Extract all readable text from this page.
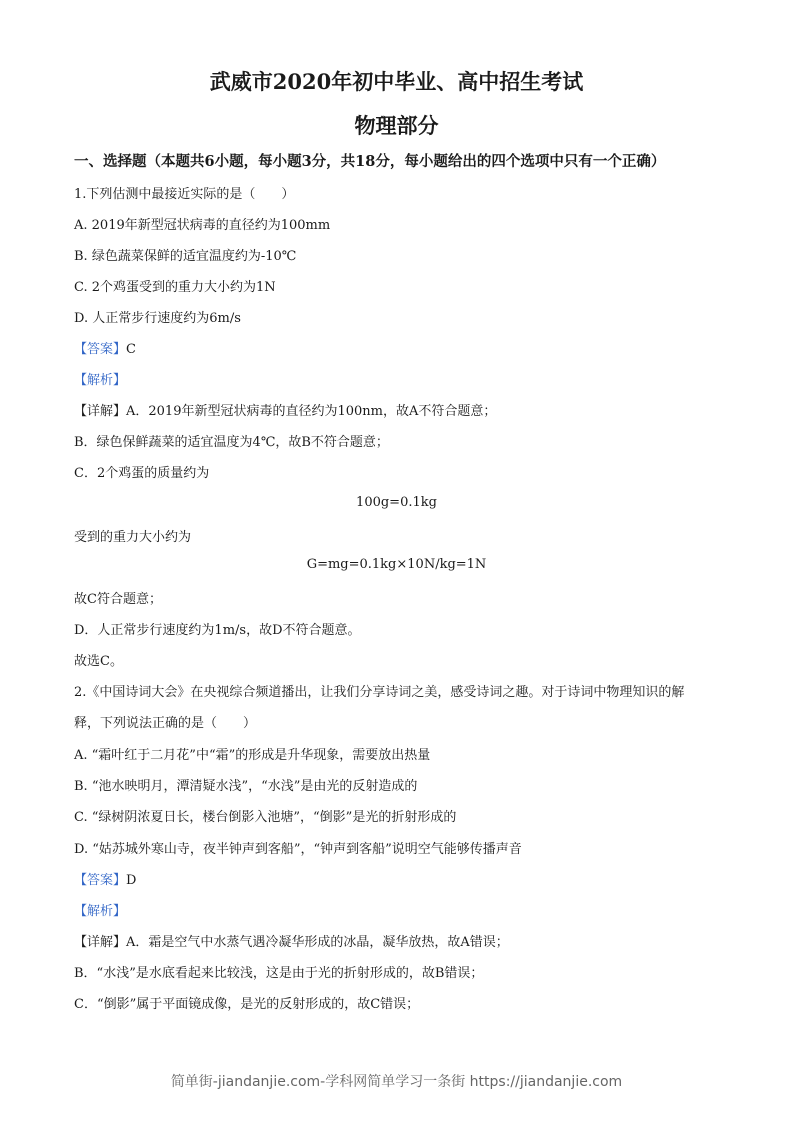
武威市2020年初中毕业、高中招生考试
物理部分
一、选择题（本题共6小题，每小题3分，共18分，每小题给出的四个选项中只有一个正确）
1.下列估测中最接近实际的是（　　）
A. 2019年新型冠状病毒的直径约为100mm
B. 绿色蔬菜保鲜的适宜温度约为-10℃
C. 2个鸡蛋受到的重力大小约为1N
D. 人正常步行速度约为6m/s
【答案】C
【解析】
【详解】A．2019年新型冠状病毒的直径约为100nm，故A不符合题意；
B．绿色保鲜蔬菜的适宜温度为4℃，故B不符合题意；
C．2个鸡蛋的质量约为
100g=0.1kg
受到的重力大小约为
G=mg=0.1kg×10N/kg=1N
故C符合题意；
D．人正常步行速度约为1m/s，故D不符合题意。
故选C。
2.《中国诗词大会》在央视综合频道播出，让我们分享诗词之美，感受诗词之趣。对于诗词中物理知识的解
释，下列说法正确的是（　　）
A. “霜叶红于二月花”中“霜”的形成是升华现象，需要放出热量
B. “池水映明月，潭清疑水浅”，“水浅”是由光的反射造成的
C. “绿树阴浓夏日长，楼台倒影入池塘”，“倒影”是光的折射形成的
D. “姑苏城外寒山寺，夜半钟声到客船”，“钟声到客船”说明空气能够传播声音
【答案】D
【解析】
【详解】A．霜是空气中水蒸气遇冷凝华形成的冰晶，凝华放热，故A错误；
B．“水浅”是水底看起来比较浅，这是由于光的折射形成的，故B错误；
C．“倒影”属于平面镜成像，是光的反射形成的，故C错误；
简单街-jiandanjie.com-学科网简单学习一条街 https://jiandanjie.com
